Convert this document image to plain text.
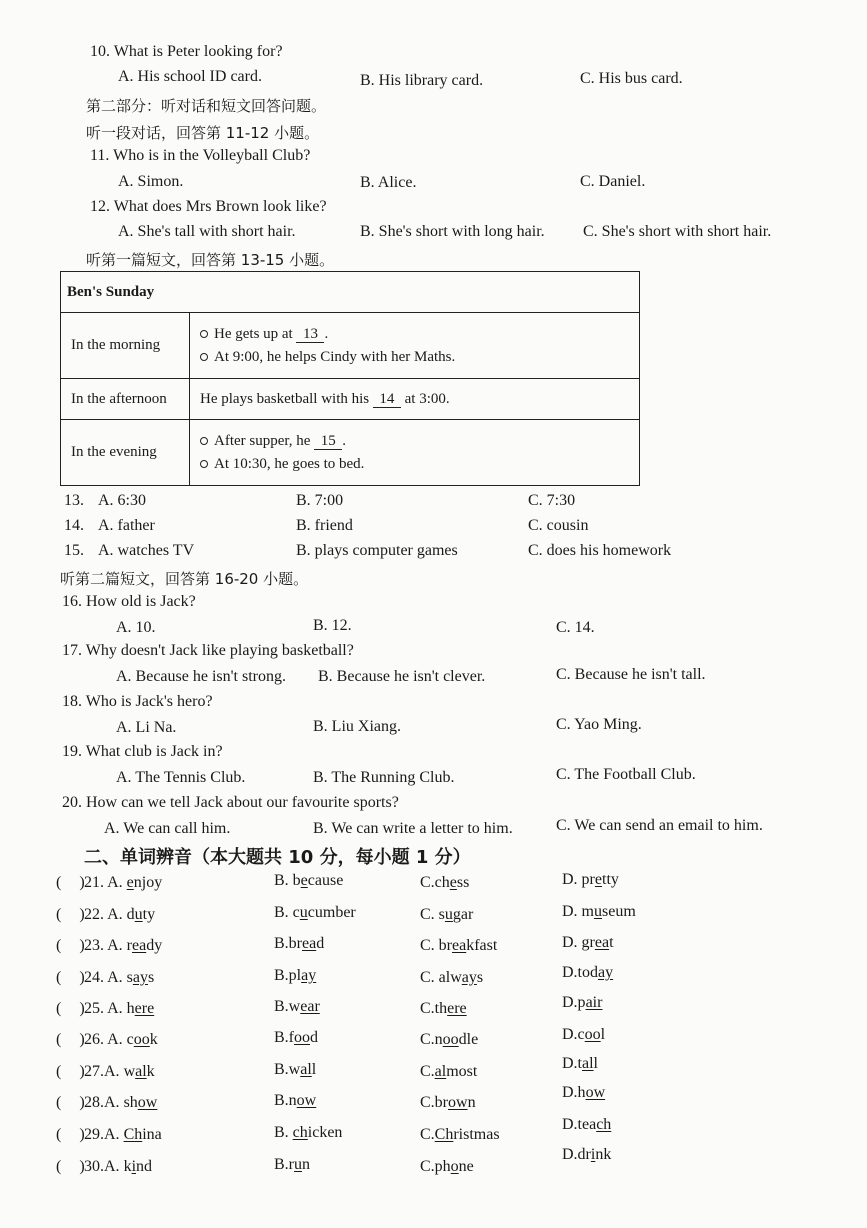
10. What is Peter looking for?
A. His school ID card.	B. His library card.	C. His bus card.
第二部分：听对话和短文回答问题。
听一段对话，回答第 11-12 小题。
11. Who is in the Volleyball Club?
A. Simon.	B. Alice.	C. Daniel.
12. What does Mrs Brown look like?
A. She's tall with short hair.	B. She's short with long hair. C. She's short with short hair.
听第一篇短文，回答第 13-15 小题。
Ben's Sunday	
In the morning	He gets up at 13 .
At 9:00, he helps Cindy with her Maths.

In the afternoon	He plays basketball with his 14 at 3:00.
In the evening	After supper, he 15 .
At 10:30, he goes to bed.
13. A. 6:30	B. 7:00	C. 7:30
14. A. father	B. friend	C. cousin
15. A. watches TV	B. plays computer games	C. does his homework
听第二篇短文，回答第 16-20 小题。
16. How old is Jack?
A. 10.	B. 12.	C. 14.
17. Why doesn't Jack like playing basketball?
A. Because he isn't strong. B. Because he isn't clever.	C. Because he isn't tall.
18. Who is Jack's hero?
A. Li Na.	B. Liu Xiang.	C. Yao Ming.
19. What club is Jack in?
A. The Tennis Club.	B. The Running Club.	C. The Football Club.
20. How can we tell Jack about our favourite sports?
A. We can call him.	B. We can write a letter to him.	C. We can send an email to him.
二、单词辨音（本大题共 10 分，每小题 1 分）
( ) 21. A. enjoy	B. because	C.chess	D. pretty
( ) 22. A. duty	B. cucumber	C. sugar	D. museum
( ) 23. A. ready	B.bread	C. breakfast	D. great
( ) 24. A. says	B.play	C. always	D.today
( ) 25. A. here	B.wear	C.there	D.pair
( ) 26. A. cook	B.food	C.noodle	D.cool
( ) 27.A. walk	B.wall	C.almost	D.tall
( ) 28.A. show	B.now	C.brown
D.how
( ) 29.A. China	B. chicken	C.Christmas
D.teach
( ) 30.A. kind	B.run	C.phone
D.drink
